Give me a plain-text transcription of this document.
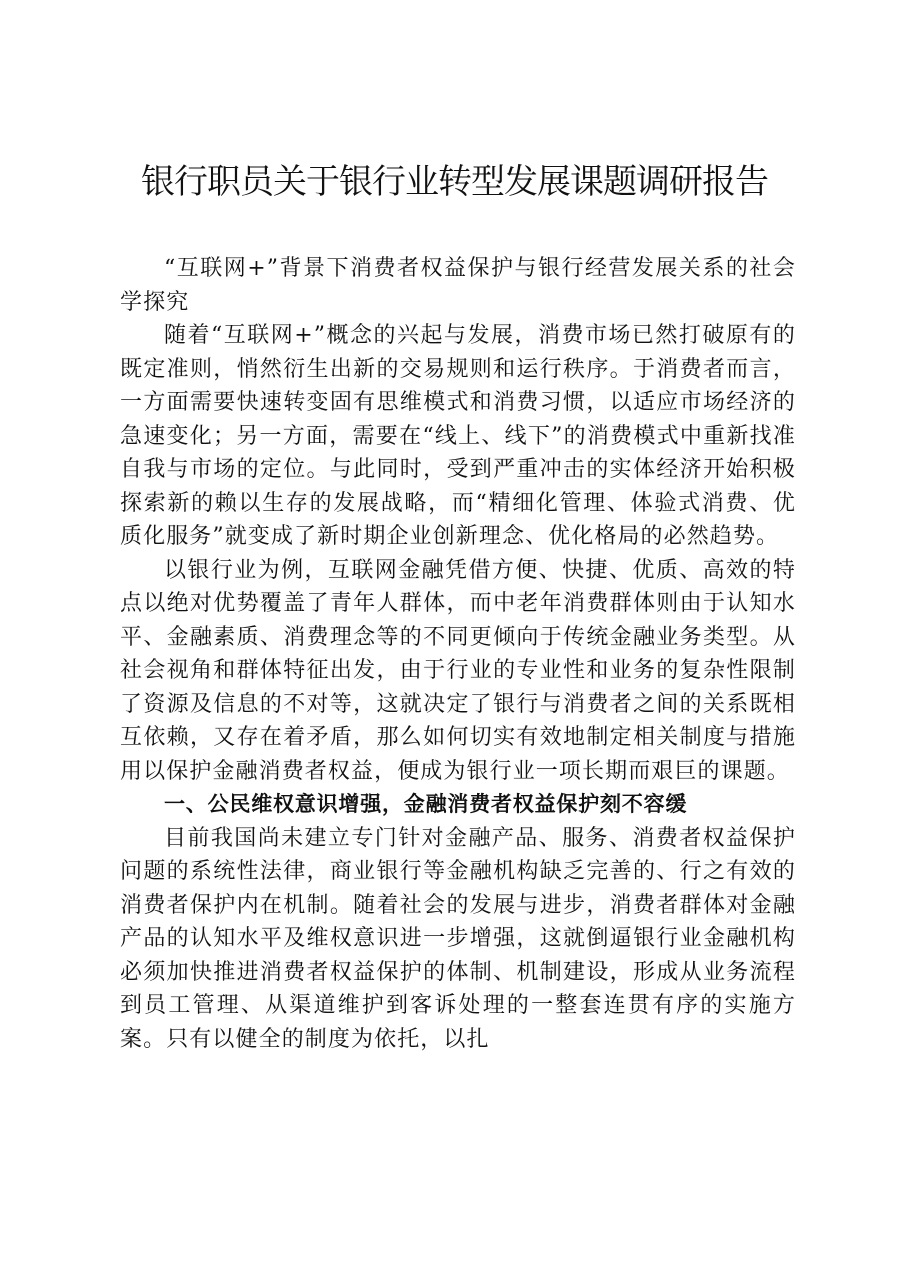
银行职员关于银行业转型发展课题调研报告

“互联网+”背景下消费者权益保护与银行经营发展关系的社会学探究

随着“互联网+”概念的兴起与发展，消费市场已然打破原有的既定准则，悄然衍生出新的交易规则和运行秩序。于消费者而言，一方面需要快速转变固有思维模式和消费习惯，以适应市场经济的急速变化；另一方面，需要在“线上、线下”的消费模式中重新找准自我与市场的定位。与此同时，受到严重冲击的实体经济开始积极探索新的赖以生存的发展战略，而“精细化管理、体验式消费、优质化服务”就变成了新时期企业创新理念、优化格局的必然趋势。

以银行业为例，互联网金融凭借方便、快捷、优质、高效的特点以绝对优势覆盖了青年人群体，而中老年消费群体则由于认知水平、金融素质、消费理念等的不同更倾向于传统金融业务类型。从社会视角和群体特征出发，由于行业的专业性和业务的复杂性限制了资源及信息的不对等，这就决定了银行与消费者之间的关系既相互依赖，又存在着矛盾，那么如何切实有效地制定相关制度与措施用以保护金融消费者权益，便成为银行业一项长期而艰巨的课题。

一、公民维权意识增强，金融消费者权益保护刻不容缓

目前我国尚未建立专门针对金融产品、服务、消费者权益保护问题的系统性法律，商业银行等金融机构缺乏完善的、行之有效的消费者保护内在机制。随着社会的发展与进步，消费者群体对金融产品的认知水平及维权意识进一步增强，这就倒逼银行业金融机构必须加快推进消费者权益保护的体制、机制建设，形成从业务流程到员工管理、从渠道维护到客诉处理的一整套连贯有序的实施方案。只有以健全的制度为依托，以扎
